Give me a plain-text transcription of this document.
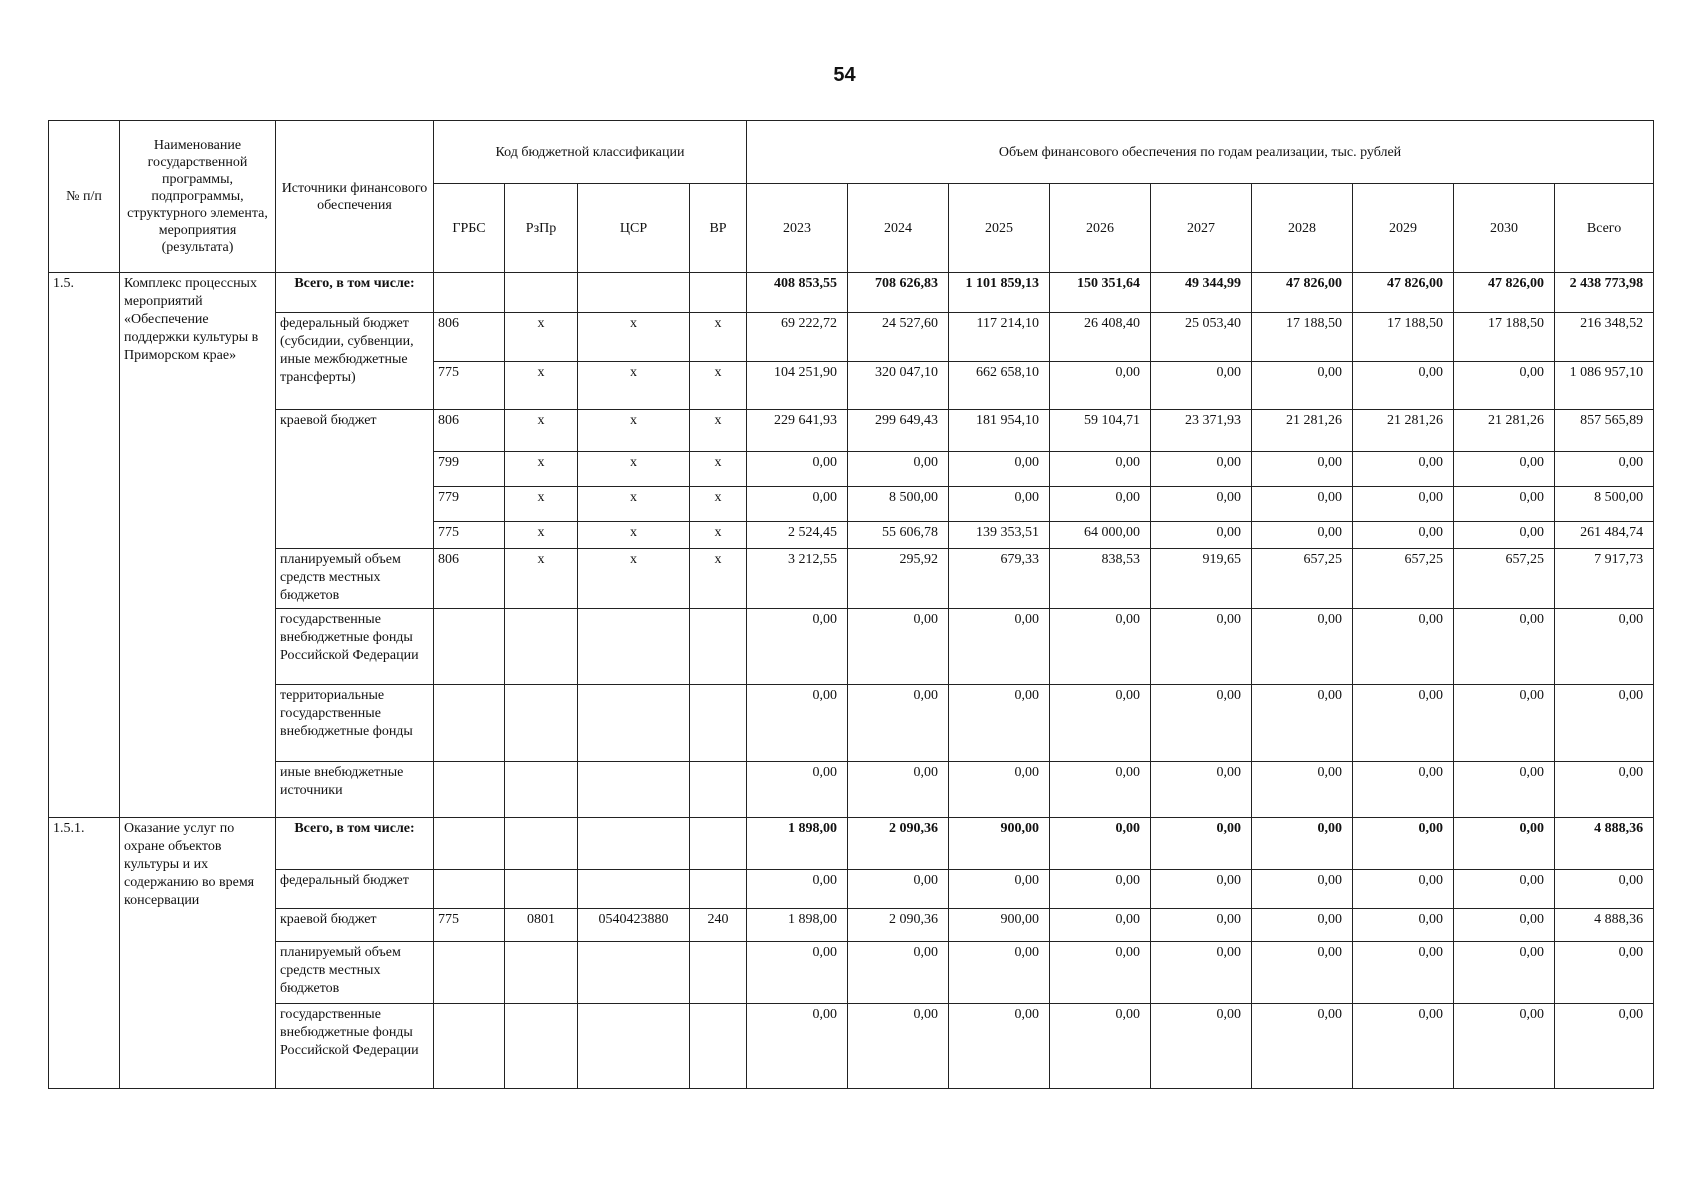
54
№ п/п	Наименование государственной программы, подпрограммы, структурного элемента, мероприятия (результата)	Источники финансового обеспечения	Код бюджетной классификации				Объем финансового обеспечения по годам реализации, тыс. рублей								
			ГРБС	РзПр	ЦСР	ВР	2023	2024	2025	2026	2027	2028	2029	2030	Всего
1.5.	Комплекс процессных мероприятий «Обеспечение поддержки культуры в Приморском крае»	Всего, в том числе:					408 853,55	708 626,83	1 101 859,13	150 351,64	49 344,99	47 826,00	47 826,00	47 826,00	2 438 773,98
		федеральный бюджет (субсидии, субвенции, иные межбюджетные трансферты)	806	x	x	x	69 222,72	24 527,60	117 214,10	26 408,40	25 053,40	17 188,50	17 188,50	17 188,50	216 348,52
			775	x	x	x	104 251,90	320 047,10	662 658,10	0,00	0,00	0,00	0,00	0,00	1 086 957,10
		краевой бюджет	806	x	x	x	229 641,93	299 649,43	181 954,10	59 104,71	23 371,93	21 281,26	21 281,26	21 281,26	857 565,89
			799	x	x	x	0,00	0,00	0,00	0,00	0,00	0,00	0,00	0,00	0,00
			779	x	x	x	0,00	8 500,00	0,00	0,00	0,00	0,00	0,00	0,00	8 500,00
			775	x	x	x	2 524,45	55 606,78	139 353,51	64 000,00	0,00	0,00	0,00	0,00	261 484,74
		планируемый объем средств местных бюджетов	806	x	x	x	3 212,55	295,92	679,33	838,53	919,65	657,25	657,25	657,25	7 917,73
		государственные внебюджетные фонды Российской Федерации					0,00	0,00	0,00	0,00	0,00	0,00	0,00	0,00	0,00
		территориальные государственные внебюджетные фонды					0,00	0,00	0,00	0,00	0,00	0,00	0,00	0,00	0,00
		иные внебюджетные источники					0,00	0,00	0,00	0,00	0,00	0,00	0,00	0,00	0,00
1.5.1.	Оказание услуг по охране объектов культуры и их содержанию во время консервации	Всего, в том числе:					1 898,00	2 090,36	900,00	0,00	0,00	0,00	0,00	0,00	4 888,36
		федеральный бюджет					0,00	0,00	0,00	0,00	0,00	0,00	0,00	0,00	0,00
		краевой бюджет	775	0801	0540423880	240	1 898,00	2 090,36	900,00	0,00	0,00	0,00	0,00	0,00	4 888,36
		планируемый объем средств местных бюджетов					0,00	0,00	0,00	0,00	0,00	0,00	0,00	0,00	0,00
		государственные внебюджетные фонды Российской Федерации					0,00	0,00	0,00	0,00	0,00	0,00	0,00	0,00	0,00
